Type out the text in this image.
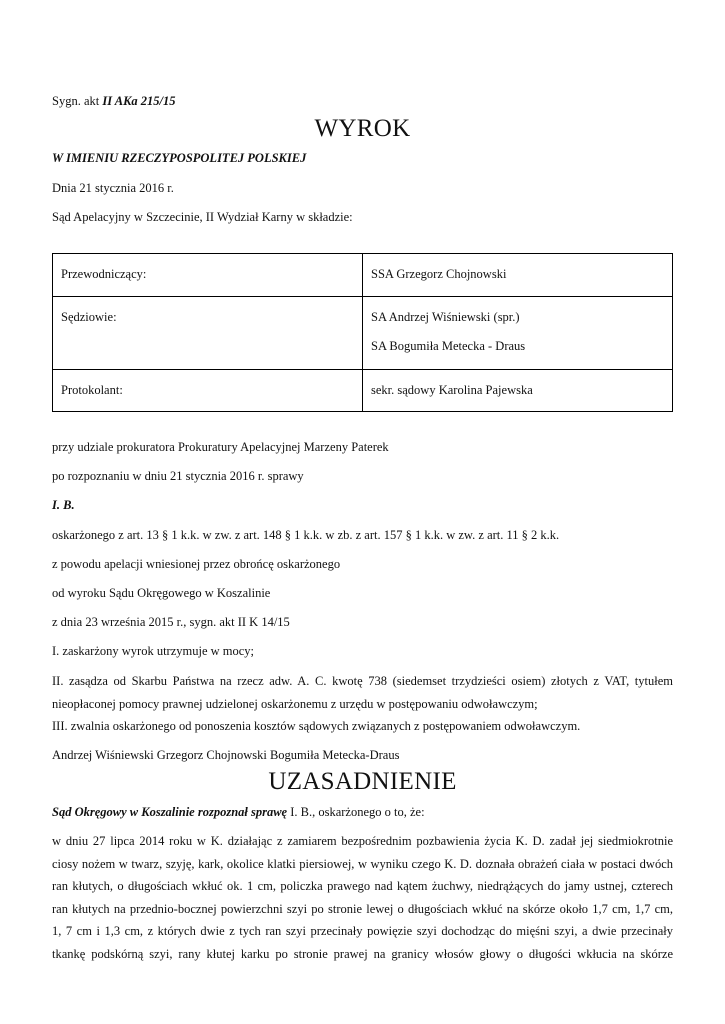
Sygn. akt II AKa 215/15
WYROK
W IMIENIU RZECZYPOSPOLITEJ POLSKIEJ
Dnia 21 stycznia 2016 r.
Sąd Apelacyjny w Szczecinie, II Wydział Karny w składzie:
Przewodniczący:	SSA Grzegorz Chojnowski
Sędziowie:	SA Andrzej Wiśniewski (spr.)
SA Bogumiła Metecka - Draus

Protokolant:	sekr. sądowy Karolina Pajewska
przy udziale prokuratora Prokuratury Apelacyjnej Marzeny Paterek
po rozpoznaniu w dniu 21 stycznia 2016 r. sprawy
I. B.
oskarżonego z art. 13 § 1 k.k. w zw. z art. 148 § 1 k.k. w zb. z art. 157 § 1 k.k. w zw. z art. 11 § 2 k.k.
z powodu apelacji wniesionej przez obrońcę oskarżonego
od wyroku Sądu Okręgowego w Koszalinie
z dnia 23 września 2015 r., sygn. akt II K 14/15
I. zaskarżony wyrok utrzymuje w mocy;

II. zasądza od Skarbu Państwa na rzecz adw. A. C. kwotę 738 (siedemset trzydzieści osiem) złotych z VAT, tytułem

nieopłaconej pomocy prawnej udzielonej oskarżonemu z urzędu w postępowaniu odwoławczym;

III. zwalnia oskarżonego od ponoszenia kosztów sądowych związanych z postępowaniem odwoławczym.
Andrzej Wiśniewski Grzegorz Chojnowski Bogumiła Metecka-Draus
UZASADNIENIE
Sąd Okręgowy w Koszalinie rozpoznał sprawę I. B., oskarżonego o to, że:

w dniu 27 lipca 2014 roku w K. działając z zamiarem bezpośrednim pozbawienia życia K. D. zadał jej siedmiokrotnie

ciosy nożem w twarz, szyję, kark, okolice klatki piersiowej, w wyniku czego K. D. doznała obrażeń ciała w postaci dwóch

ran kłutych, o długościach wkłuć ok. 1 cm, policzka prawego nad kątem żuchwy, niedrążących do jamy ustnej, czterech

ran kłutych na przednio-bocznej powierzchni szyi po stronie lewej o długościach wkłuć na skórze około 1,7 cm, 1,7 cm,

1, 7 cm i 1,3 cm, z których dwie z tych ran szyi przecinały powięzie szyi dochodząc do mięśni szyi, a dwie przecinały

tkankę podskórną szyi, rany kłutej karku po stronie prawej na granicy włosów głowy o długości wkłucia na skórze
